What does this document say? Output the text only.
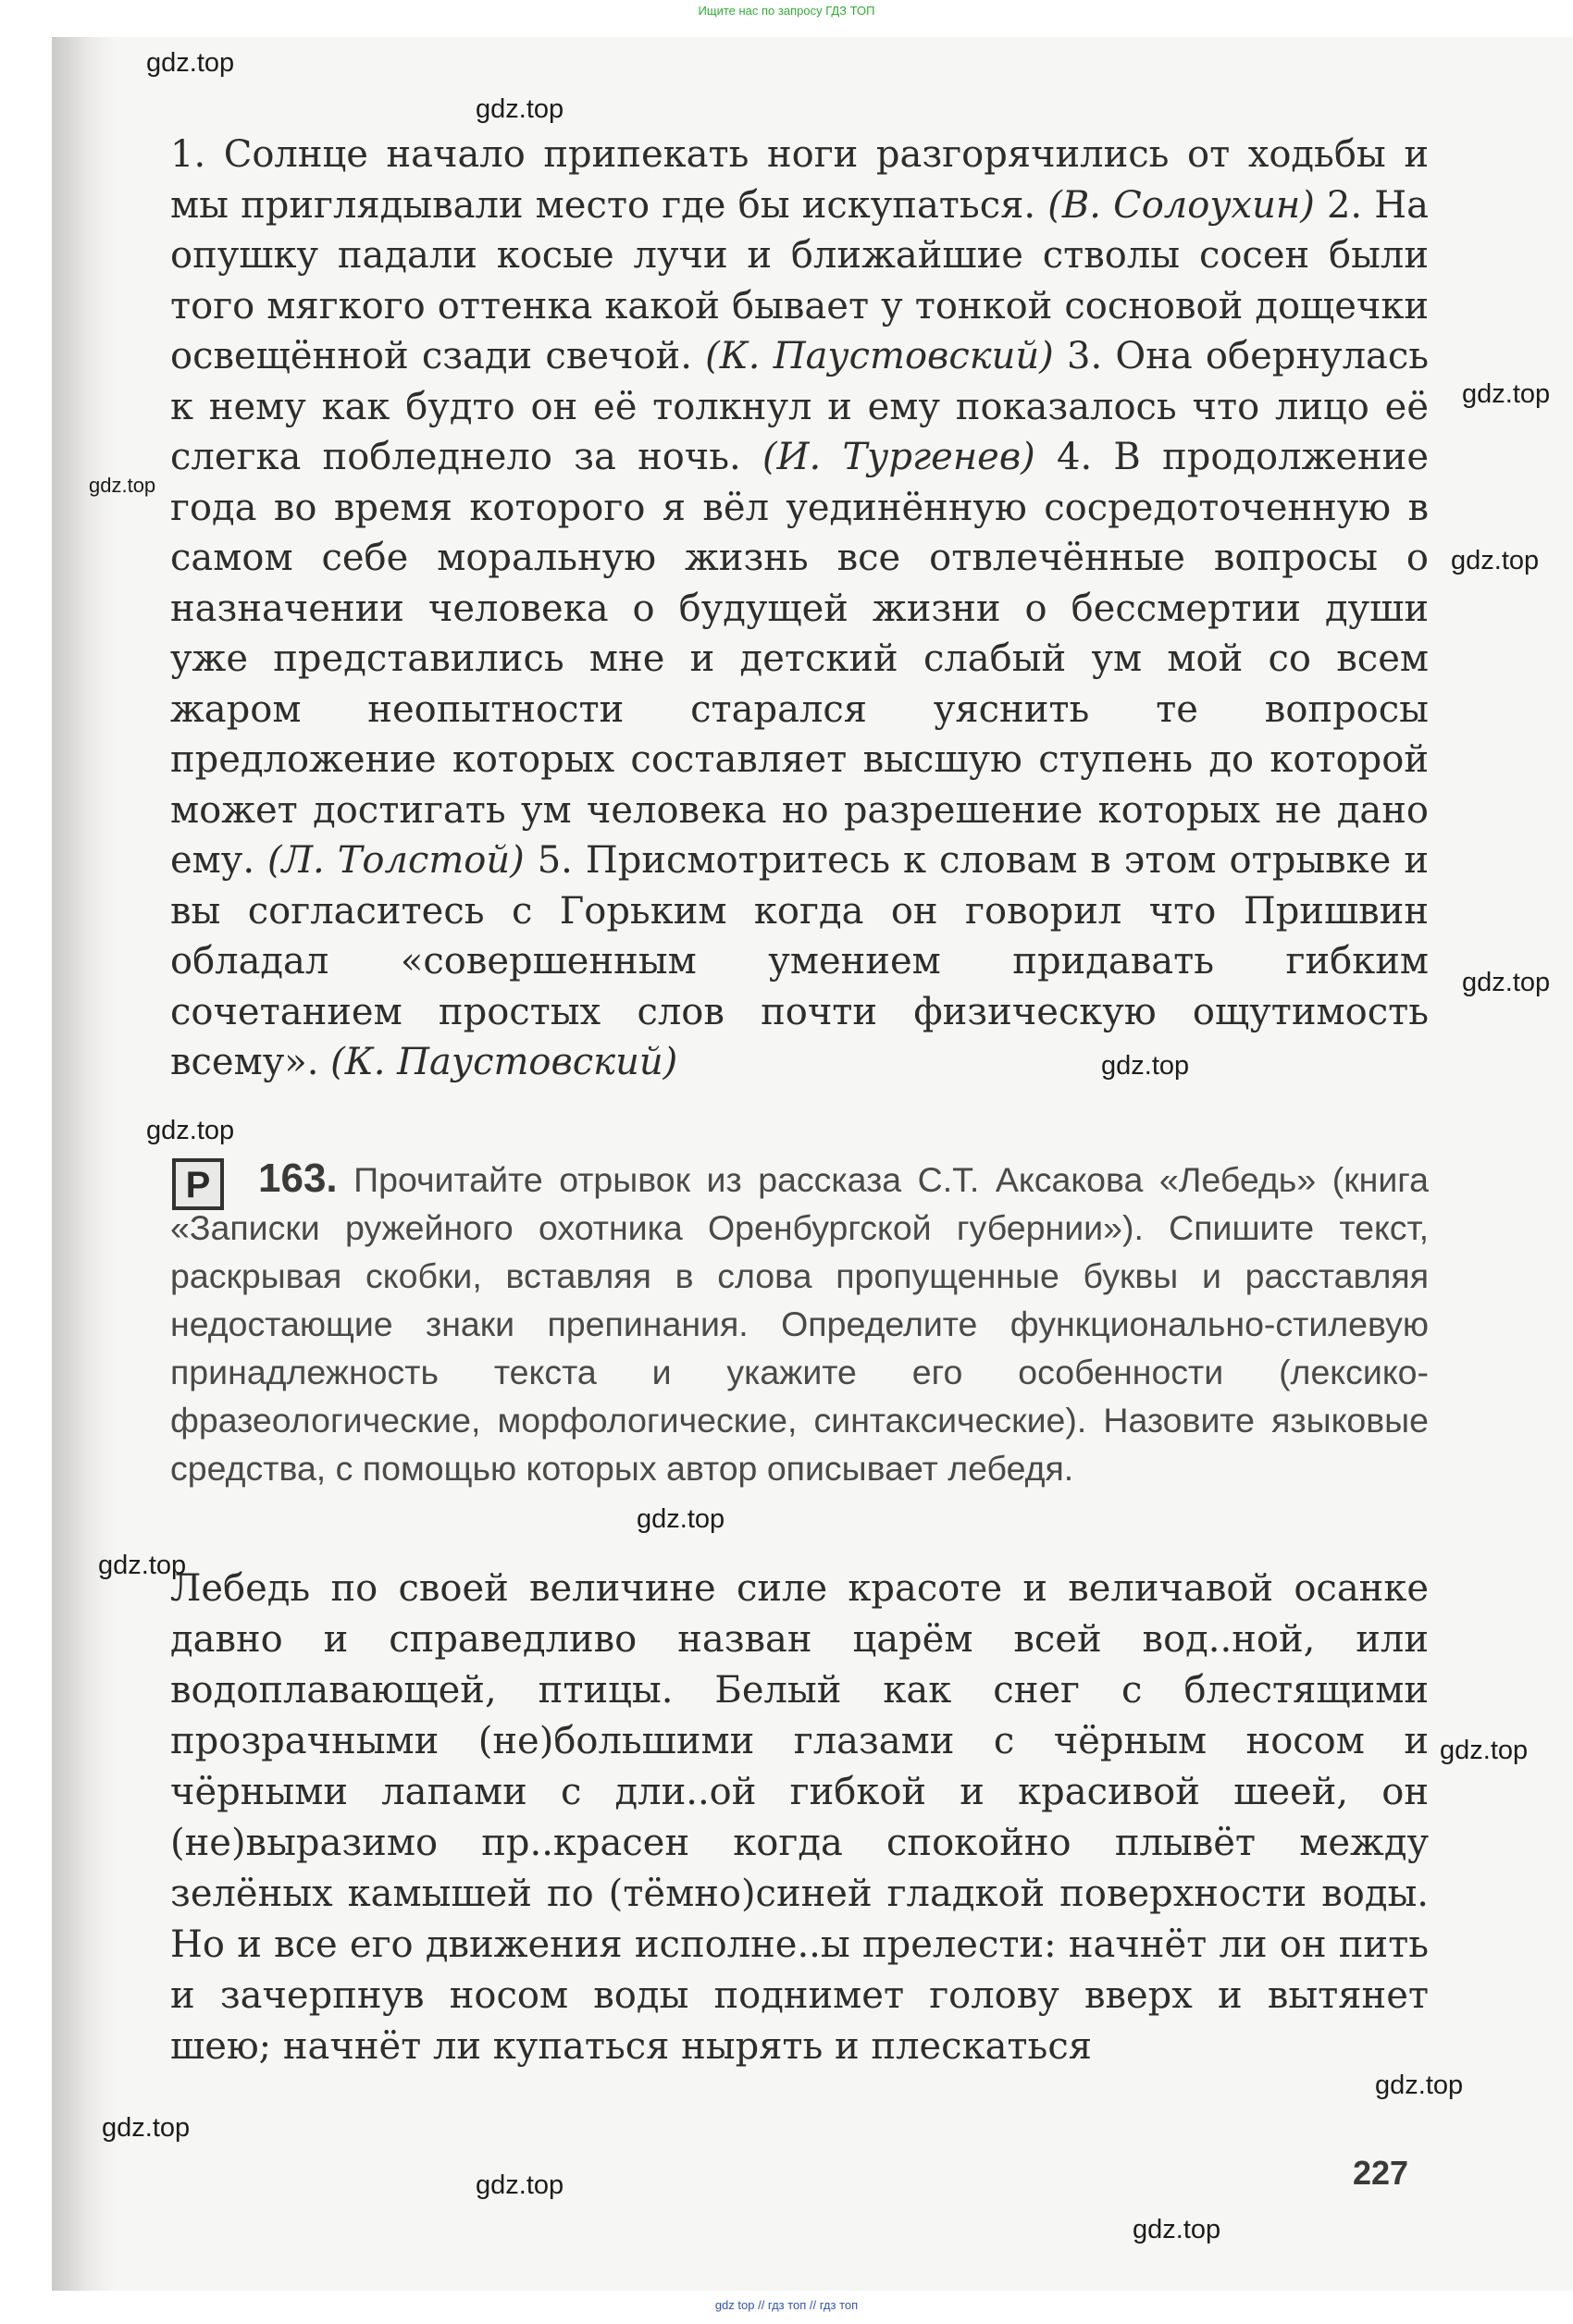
Ищите нас по запросу ГДЗ ТОП

1. Солнце начало припекать ноги разгорячились от ходьбы и мы приглядывали место где бы искупаться. (В. Солоухин) 2. На опушку падали косые лучи и ближайшие стволы сосен были того мягкого оттенка какой бывает у тонкой сосновой дощечки освещённой сзади свечой. (К. Паустовский) 3. Она обернулась к нему как будто он её толкнул и ему показалось что лицо её слегка побледнело за ночь. (И. Тургенев) 4. В продолжение года во время которого я вёл уединённую сосредоточенную в самом себе моральную жизнь все отвлечённые вопросы о назначении человека о будущей жизни о бессмертии души уже представились мне и детский слабый ум мой со всем жаром неопытности старался уяснить те вопросы предложение которых составляет высшую ступень до которой может достигать ум человека но разрешение которых не дано ему. (Л. Толстой) 5. Присмотритесь к словам в этом отрывке и вы согласитесь с Горьким когда он говорил что Пришвин обладал «совершенным умением придавать гибким сочетанием простых слов почти физическую ощутимость всему». (К. Паустовский)

Р	163. Прочитайте отрывок из рассказа С.Т. Аксакова «Лебедь» (книга «Записки ружейного охотника Оренбургской губернии»). Спишите текст, раскрывая скобки, вставляя в слова пропущенные буквы и расставляя недостающие знаки препинания. Определите функционально-стилевую принадлежность текста и укажите его особенности (лексико-фразеологические, морфологические, синтаксические). Назовите языковые средства, с помощью которых автор описывает лебедя.

Лебедь по своей величине силе красоте и величавой осанке давно и справедливо назван царём всей вод..ной, или водоплавающей, птицы. Белый как снег с блестящими прозрачными (не)большими глазами с чёрным носом и чёрными лапами с дли..ой гибкой и красивой шеей, он (не)выразимо пр..красен когда спокойно плывёт между зелёных камышей по (тёмно)синей гладкой поверхности воды. Но и все его движения исполне..ы прелести: начнёт ли он пить и зачерпнув носом воды поднимет голову вверх и вытянет шею; начнёт ли купаться нырять и плескаться

227
gdz.top
gdz.top
gdz.top
gdz.top
gdz.top
gdz.top
gdz.top
gdz.top
gdz.top
gdz.top
gdz.top
gdz.top
gdz.top
gdz.top
gdz.top
gdz top // гдз топ // гдз топ
